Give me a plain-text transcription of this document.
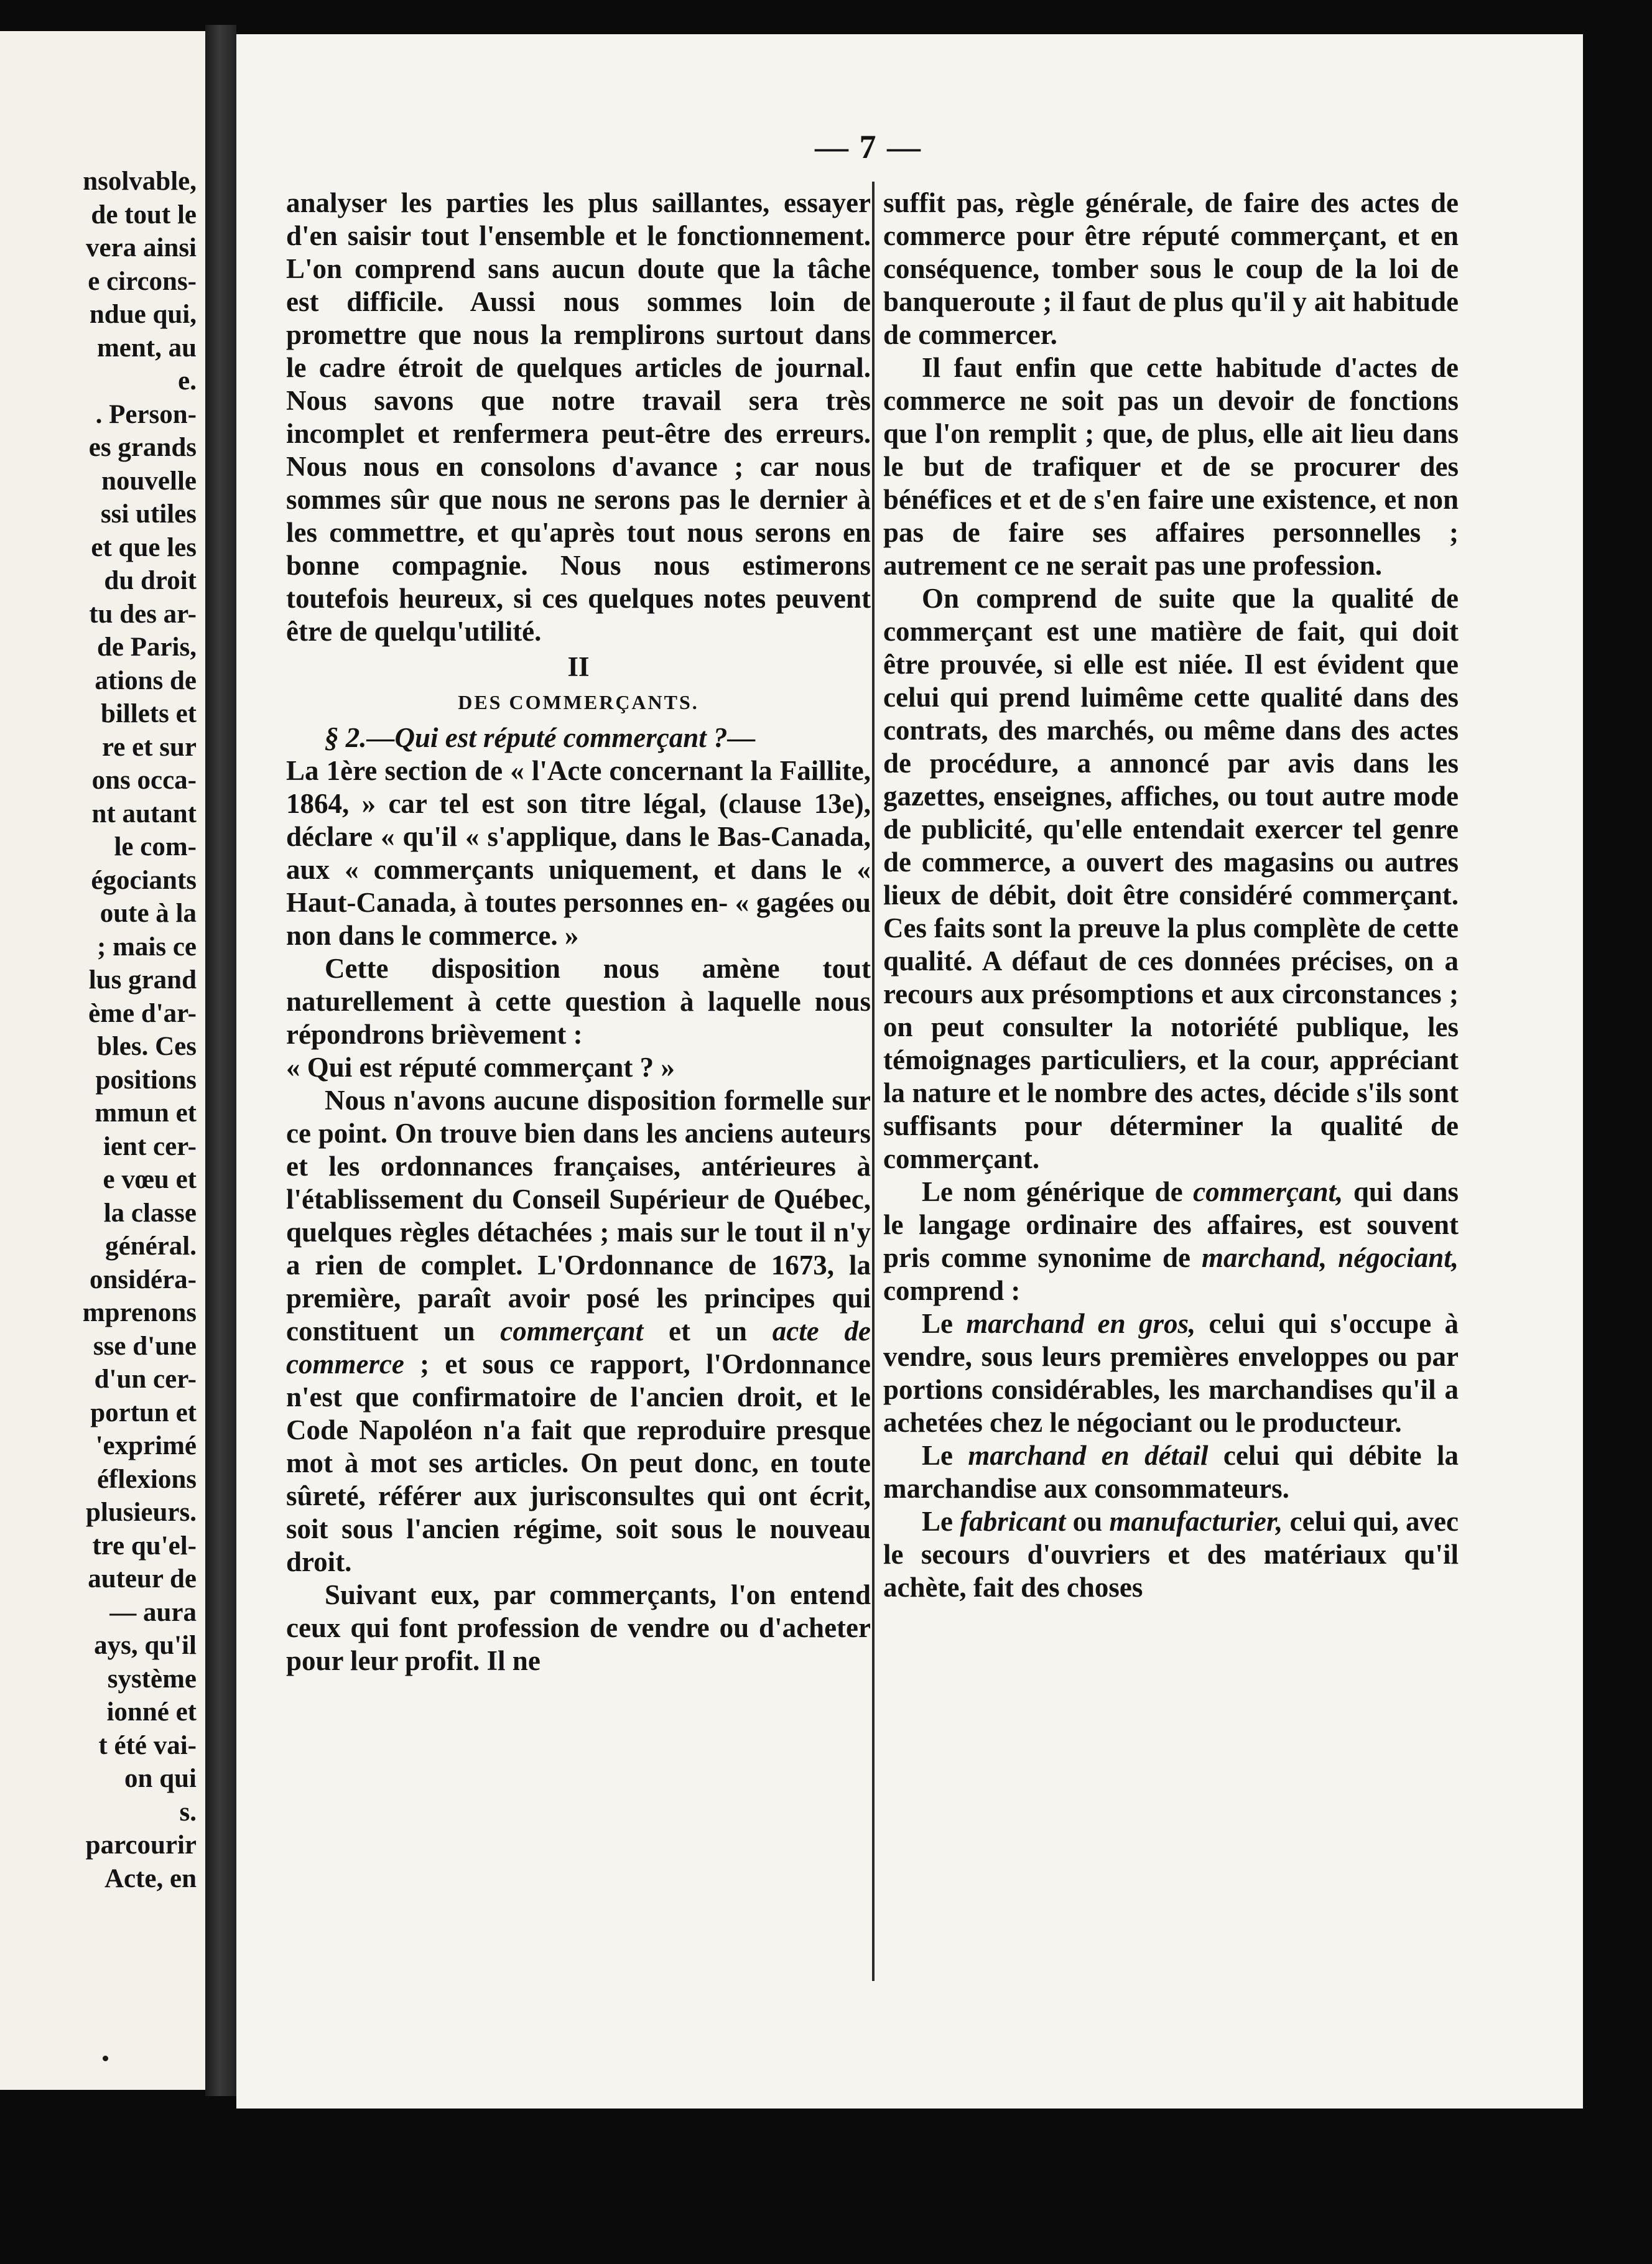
nsolvable,
de tout le
vera ainsi
e circons-
ndue qui,
ment, au
e.
. Person-
es grands
nouvelle
ssi utiles
et que les
du droit
tu des ar-
de Paris,
ations de
billets et
re et sur
ons occa-
nt autant
le com-
égociants
oute à la
; mais ce
lus grand
ème d'ar-
bles. Ces
positions
mmun et
ient cer-
e vœu et
la classe
général.
onsidéra-
mprenons
sse d'une
d'un cer-
portun et
'exprimé
éflexions
plusieurs.
tre qu'el-
auteur de
— aura
ays, qu'il
système
ionné et
t été vai-
on qui
s.
parcourir
Acte, en
— 7 —

analyser les parties les plus saillantes, essayer d'en saisir tout l'ensemble et le fonctionnement. L'on comprend sans aucun doute que la tâche est difficile. Aussi nous sommes loin de promettre que nous la remplirons surtout dans le cadre étroit de quelques articles de journal. Nous savons que notre travail sera très incomplet et renfermera peut-être des erreurs. Nous nous en consolons d'avance ; car nous sommes sûr que nous ne serons pas le dernier à les commettre, et qu'après tout nous serons en bonne compagnie. Nous nous estimerons toutefois heureux, si ces quelques notes peuvent être de quelqu'utilité.

II

DES COMMERÇANTS.

§ 2.—Qui est réputé commerçant ?—

La 1ère section de « l'Acte concernant la Faillite, 1864, » car tel est son titre légal, (clause 13e), déclare « qu'il « s'applique, dans le Bas-Canada, aux « commerçants uniquement, et dans le « Haut-Canada, à toutes personnes en- « gagées ou non dans le commerce. »

Cette disposition nous amène tout naturellement à cette question à laquelle nous répondrons brièvement :

« Qui est réputé commerçant ? »

Nous n'avons aucune disposition formelle sur ce point. On trouve bien dans les anciens auteurs et les ordonnances françaises, antérieures à l'établissement du Conseil Supérieur de Québec, quelques règles détachées ; mais sur le tout il n'y a rien de complet. L'Ordonnance de 1673, la première, paraît avoir posé les principes qui constituent un commerçant et un acte de commerce ; et sous ce rapport, l'Ordonnance n'est que confirmatoire de l'ancien droit, et le Code Napoléon n'a fait que reproduire presque mot à mot ses articles. On peut donc, en toute sûreté, référer aux jurisconsultes qui ont écrit, soit sous l'ancien régime, soit sous le nouveau droit.

Suivant eux, par commerçants, l'on entend ceux qui font profession de vendre ou d'acheter pour leur profit. Il ne

suffit pas, règle générale, de faire des actes de commerce pour être réputé commerçant, et en conséquence, tomber sous le coup de la loi de banqueroute ; il faut de plus qu'il y ait habitude de commercer.

Il faut enfin que cette habitude d'actes de commerce ne soit pas un devoir de fonctions que l'on remplit ; que, de plus, elle ait lieu dans le but de trafiquer et de se procurer des bénéfices et et de s'en faire une existence, et non pas de faire ses affaires personnelles ; autrement ce ne serait pas une profession.

On comprend de suite que la qualité de commerçant est une matière de fait, qui doit être prouvée, si elle est niée. Il est évident que celui qui prend luimême cette qualité dans des contrats, des marchés, ou même dans des actes de procédure, a annoncé par avis dans les gazettes, enseignes, affiches, ou tout autre mode de publicité, qu'elle entendait exercer tel genre de commerce, a ouvert des magasins ou autres lieux de débit, doit être considéré commerçant. Ces faits sont la preuve la plus complète de cette qualité. A défaut de ces données précises, on a recours aux présomptions et aux circonstances ; on peut consulter la notoriété publique, les témoignages particuliers, et la cour, appréciant la nature et le nombre des actes, décide s'ils sont suffisants pour déterminer la qualité de commerçant.

Le nom générique de commerçant, qui dans le langage ordinaire des affaires, est souvent pris comme synonime de marchand, négociant, comprend :

Le marchand en gros, celui qui s'occupe à vendre, sous leurs premières enveloppes ou par portions considérables, les marchandises qu'il a achetées chez le négociant ou le producteur.

Le marchand en détail celui qui débite la marchandise aux consommateurs.

Le fabricant ou manufacturier, celui qui, avec le secours d'ouvriers et des matériaux qu'il achète, fait des choses
